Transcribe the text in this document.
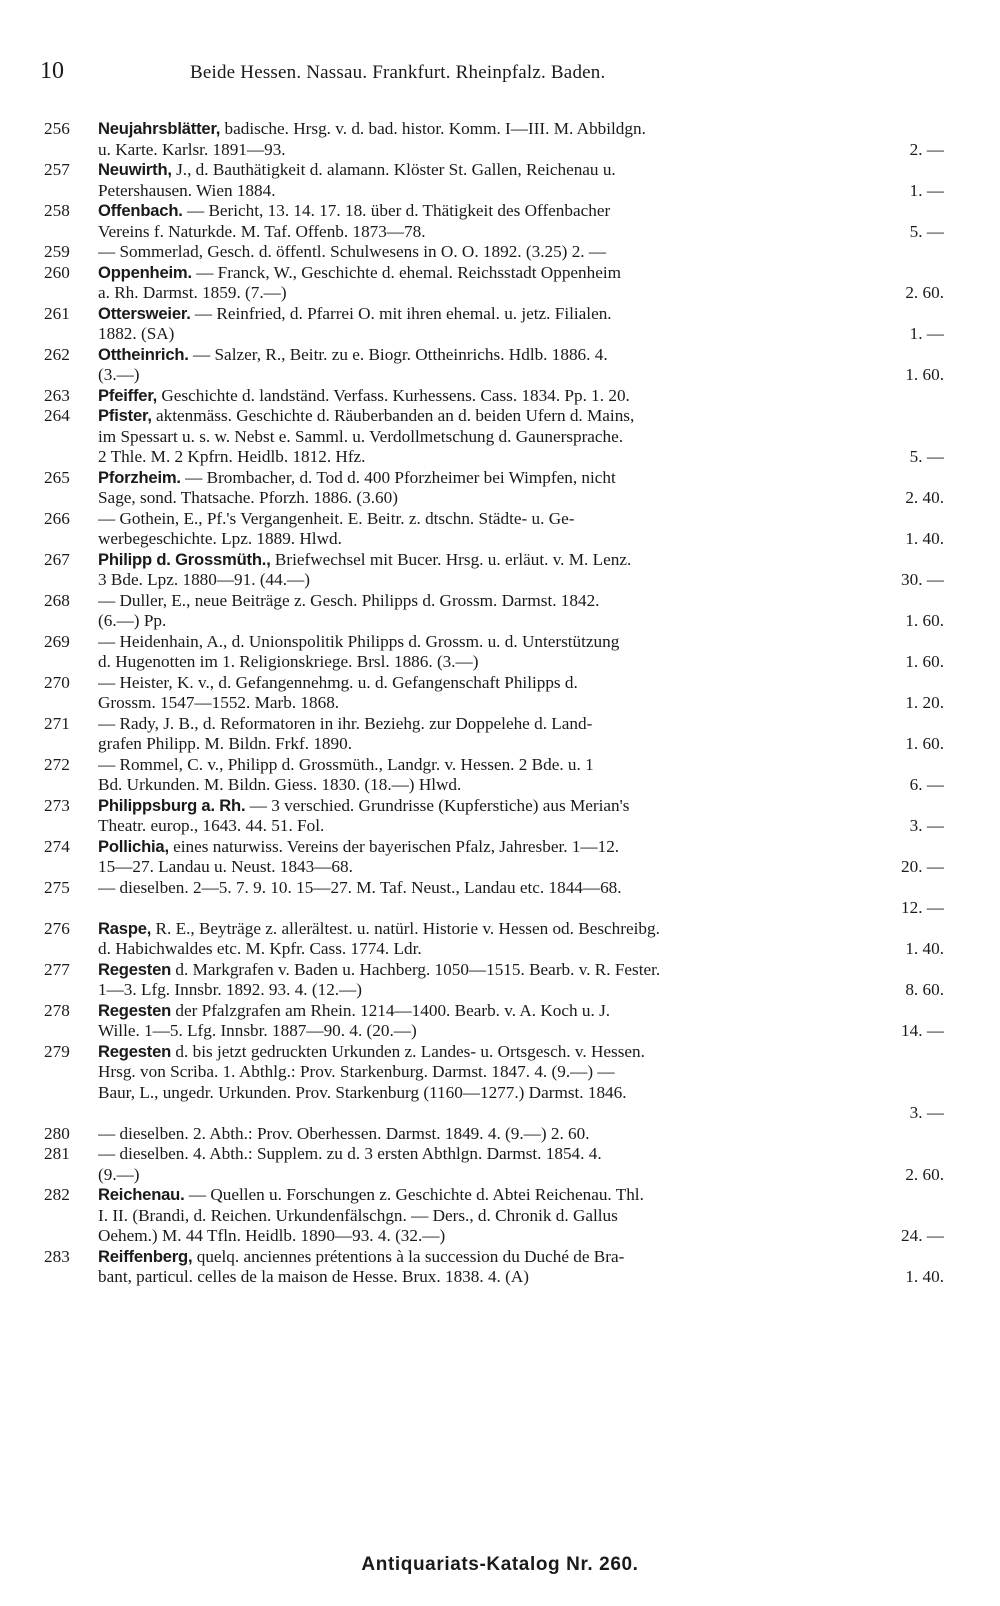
10	Beide Hessen. Nassau. Frankfurt. Rheinpfalz. Baden.
256	Neujahrsblätter, badische. Hrsg. v. d. bad. histor. Komm. I—III. M. Abbildgn.
u. Karte. Karlsr. 1891—93.	2. —
257	Neuwirth, J., d. Bauthätigkeit d. alamann. Klöster St. Gallen, Reichenau u.
Petershausen. Wien 1884.	1. —
258	Offenbach. — Bericht, 13. 14. 17. 18. über d. Thätigkeit des Offenbacher
Vereins f. Naturkde. M. Taf. Offenb. 1873—78.	5. —
259	— Sommerlad, Gesch. d. öffentl. Schulwesens in O. O. 1892. (3.25) 2. —
260	Oppenheim. — Franck, W., Geschichte d. ehemal. Reichsstadt Oppenheim
a. Rh. Darmst. 1859. (7.—)	2. 60.
261	Ottersweier. — Reinfried, d. Pfarrei O. mit ihren ehemal. u. jetz. Filialen.
1882. (SA)	1. —
262	Ottheinrich. — Salzer, R., Beitr. zu e. Biogr. Ottheinrichs. Hdlb. 1886. 4.
(3.—)	1. 60.
263	Pfeiffer, Geschichte d. landständ. Verfass. Kurhessens. Cass. 1834. Pp. 1. 20.
264	Pfister, aktenmäss. Geschichte d. Räuberbanden an d. beiden Ufern d. Mains,
im Spessart u. s. w. Nebst e. Samml. u. Verdollmetschung d. Gaunersprache.
2 Thle. M. 2 Kpfrn. Heidlb. 1812. Hfz.	5. —
265	Pforzheim. — Brombacher, d. Tod d. 400 Pforzheimer bei Wimpfen, nicht
Sage, sond. Thatsache. Pforzh. 1886. (3.60)	2. 40.
266	— Gothein, E., Pf.'s Vergangenheit. E. Beitr. z. dtschn. Städte- u. Ge-
werbegeschichte. Lpz. 1889. Hlwd.	1. 40.
267	Philipp d. Grossmüth., Briefwechsel mit Bucer. Hrsg. u. erläut. v. M. Lenz.
3 Bde. Lpz. 1880—91. (44.—)	30. —
268	— Duller, E., neue Beiträge z. Gesch. Philipps d. Grossm. Darmst. 1842.
(6.—) Pp.	1. 60.
269	— Heidenhain, A., d. Unionspolitik Philipps d. Grossm. u. d. Unterstützung
d. Hugenotten im 1. Religionskriege. Brsl. 1886. (3.—)	1. 60.
270	— Heister, K. v., d. Gefangennehmg. u. d. Gefangenschaft Philipps d.
Grossm. 1547—1552. Marb. 1868.	1. 20.
271	— Rady, J. B., d. Reformatoren in ihr. Beziehg. zur Doppelehe d. Land-
grafen Philipp. M. Bildn. Frkf. 1890.	1. 60.
272	— Rommel, C. v., Philipp d. Grossmüth., Landgr. v. Hessen. 2 Bde. u. 1
Bd. Urkunden. M. Bildn. Giess. 1830. (18.—) Hlwd.	6. —
273	Philippsburg a. Rh. — 3 verschied. Grundrisse (Kupferstiche) aus Merian's
Theatr. europ., 1643. 44. 51. Fol.	3. —
274	Pollichia, eines naturwiss. Vereins der bayerischen Pfalz, Jahresber. 1—12.
15—27. Landau u. Neust. 1843—68.	20. —
275	— dieselben. 2—5. 7. 9. 10. 15—27. M. Taf. Neust., Landau etc. 1844—68.
12. —
276	Raspe, R. E., Beyträge z. allerältest. u. natürl. Historie v. Hessen od. Beschreibg.
d. Habichwaldes etc. M. Kpfr. Cass. 1774. Ldr.	1. 40.
277	Regesten d. Markgrafen v. Baden u. Hachberg. 1050—1515. Bearb. v. R. Fester.
1—3. Lfg. Innsbr. 1892. 93. 4. (12.—)	8. 60.
278	Regesten der Pfalzgrafen am Rhein. 1214—1400. Bearb. v. A. Koch u. J.
Wille. 1—5. Lfg. Innsbr. 1887—90. 4. (20.—)	14. —
279	Regesten d. bis jetzt gedruckten Urkunden z. Landes- u. Ortsgesch. v. Hessen.
Hrsg. von Scriba. 1. Abthlg.: Prov. Starkenburg. Darmst. 1847. 4. (9.—) —
Baur, L., ungedr. Urkunden. Prov. Starkenburg (1160—1277.) Darmst. 1846.
3. —
280	— dieselben. 2. Abth.: Prov. Oberhessen. Darmst. 1849. 4. (9.—) 2. 60.
281	— dieselben. 4. Abth.: Supplem. zu d. 3 ersten Abthlgn. Darmst. 1854. 4.
(9.—)	2. 60.
282	Reichenau. — Quellen u. Forschungen z. Geschichte d. Abtei Reichenau. Thl.
I. II. (Brandi, d. Reichen. Urkundenfälschgn. — Ders., d. Chronik d. Gallus
Oehem.) M. 44 Tfln. Heidlb. 1890—93. 4. (32.—)	24. —
283	Reiffenberg, quelq. anciennes prétentions à la succession du Duché de Bra-
bant, particul. celles de la maison de Hesse. Brux. 1838. 4. (A)	1. 40.
Antiquariats-Katalog Nr. 260.
